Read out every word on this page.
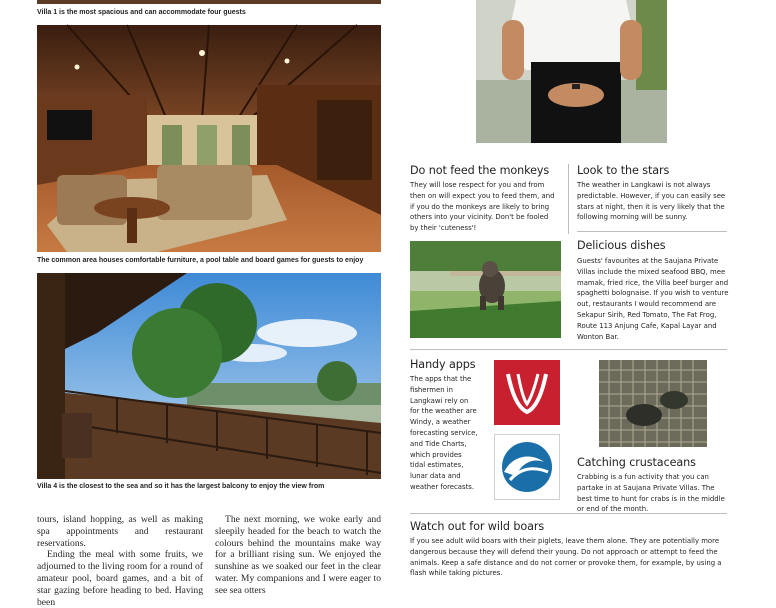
Villa 1 is the most spacious and can accommodate four guests
The common area houses comfortable furniture, a pool table and board games for guests to enjoy
Villa 4 is the closest to the sea and so it has the largest balcony to enjoy the view from
tours, island hopping, as well as making spa appointments and restaurant reservations.
Ending the meal with some fruits, we adjourned to the living room for a round of amateur pool, board games, and a bit of star gazing before heading to bed. Having been
The next morning, we woke early and sleepily headed for the beach to watch the colours behind the mountains make way for a brilliant rising sun. We enjoyed the sunshine as we soaked our feet in the clear water. My companions and I were eager to see sea otters
Do not feed the monkeys
They will lose respect for you and from then on will expect you to feed them, and if you do the monkeys are likely to bring others into your vicinity. Don't be fooled by their 'cuteness'!
Look to the stars
The weather in Langkawi is not always predictable. However, if you can easily see stars at night, then it is very likely that the following morning will be sunny.
Delicious dishes
Guests' favourites at the Saujana Private Villas include the mixed seafood BBQ, mee mamak, fried rice, the Villa beef burger and spaghetti bolognaise. If you wish to venture out, restaurants I would recommend are Sekapur Sirih, Red Tomato, The Fat Frog, Route 113 Anjung Cafe, Kapal Layar and Wonton Bar.
Handy apps
The apps that the fishermen in Langkawi rely on for the weather are Windy, a weather forecasting service, and Tide Charts, which provides tidal estimates, lunar data and weather forecasts.
Catching crustaceans
Crabbing is a fun activity that you can partake in at Saujana Private Villas. The best time to hunt for crabs is in the middle or end of the month.
Watch out for wild boars
If you see adult wild boars with their piglets, leave them alone. They are potentially more dangerous because they will defend their young. Do not approach or attempt to feed the animals. Keep a safe distance and do not corner or provoke them, for example, by using a flash while taking pictures.
